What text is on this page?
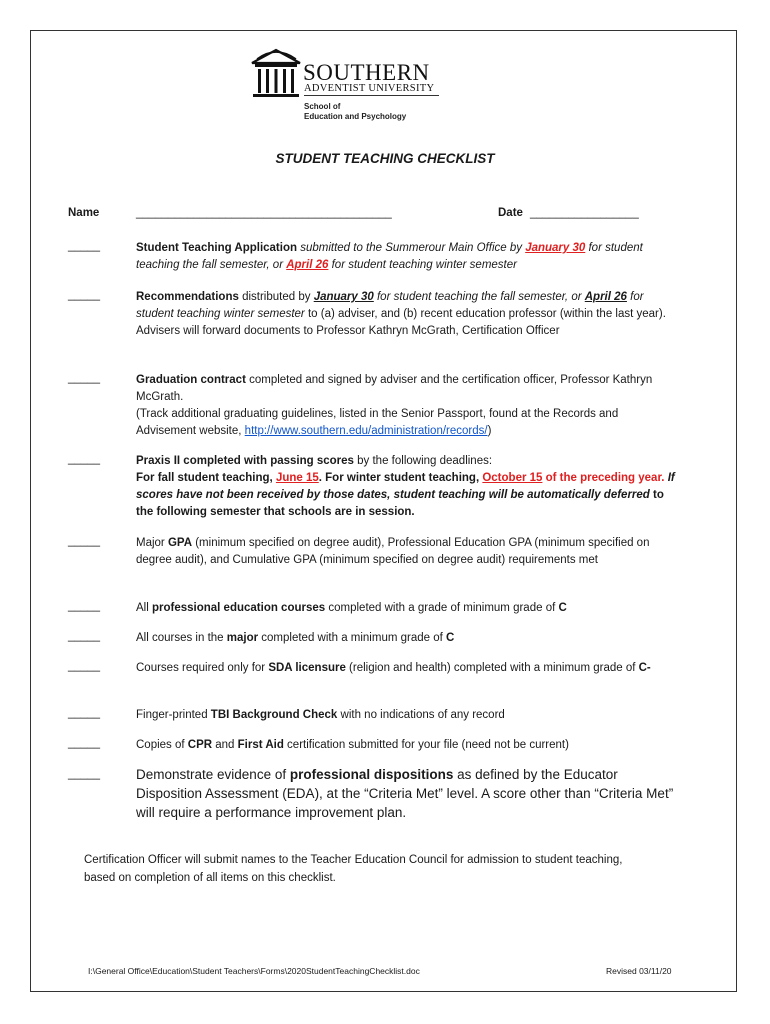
SOUTHERN
ADVENTIST UNIVERSITY
School of
Education and Psychology
STUDENT TEACHING CHECKLIST
Name	________________________________________	Date _________________
_____	Student Teaching Application submitted to the Summerour Main Office by January 30 for student teaching the fall semester, or April 26 for student teaching winter semester
_____	Recommendations distributed by January 30 for student teaching the fall semester, or April 26 for student teaching winter semester to (a) adviser, and (b) recent education professor (within the last year). Advisers will forward documents to Professor Kathryn McGrath, Certification Officer
_____	Graduation contract completed and signed by adviser and the certification officer, Professor Kathryn McGrath.
(Track additional graduating guidelines, listed in the Senior Passport, found at the Records and Advisement website, http://www.southern.edu/administration/records/)
_____	Praxis II completed with passing scores by the following deadlines:
For fall student teaching, June 15. For winter student teaching, October 15 of the preceding year. If scores have not been received by those dates, student teaching will be automatically deferred to the following semester that schools are in session.
_____	Major GPA (minimum specified on degree audit), Professional Education GPA (minimum specified on degree audit), and Cumulative GPA (minimum specified on degree audit) requirements met
_____	All professional education courses completed with a grade of minimum grade of C
_____	All courses in the major completed with a minimum grade of C
_____	Courses required only for SDA licensure (religion and health) completed with a minimum grade of C-
_____	Finger-printed TBI Background Check with no indications of any record
_____	Copies of CPR and First Aid certification submitted for your file (need not be current)
_____	Demonstrate evidence of professional dispositions as defined by the Educator Disposition Assessment (EDA), at the “Criteria Met” level. A score other than “Criteria Met” will require a performance improvement plan.
Certification Officer will submit names to the Teacher Education Council for admission to student teaching, based on completion of all items on this checklist.
I:\General Office\Education\Student Teachers\Forms\2020StudentTeachingChecklist.doc	Revised 03/11/20
